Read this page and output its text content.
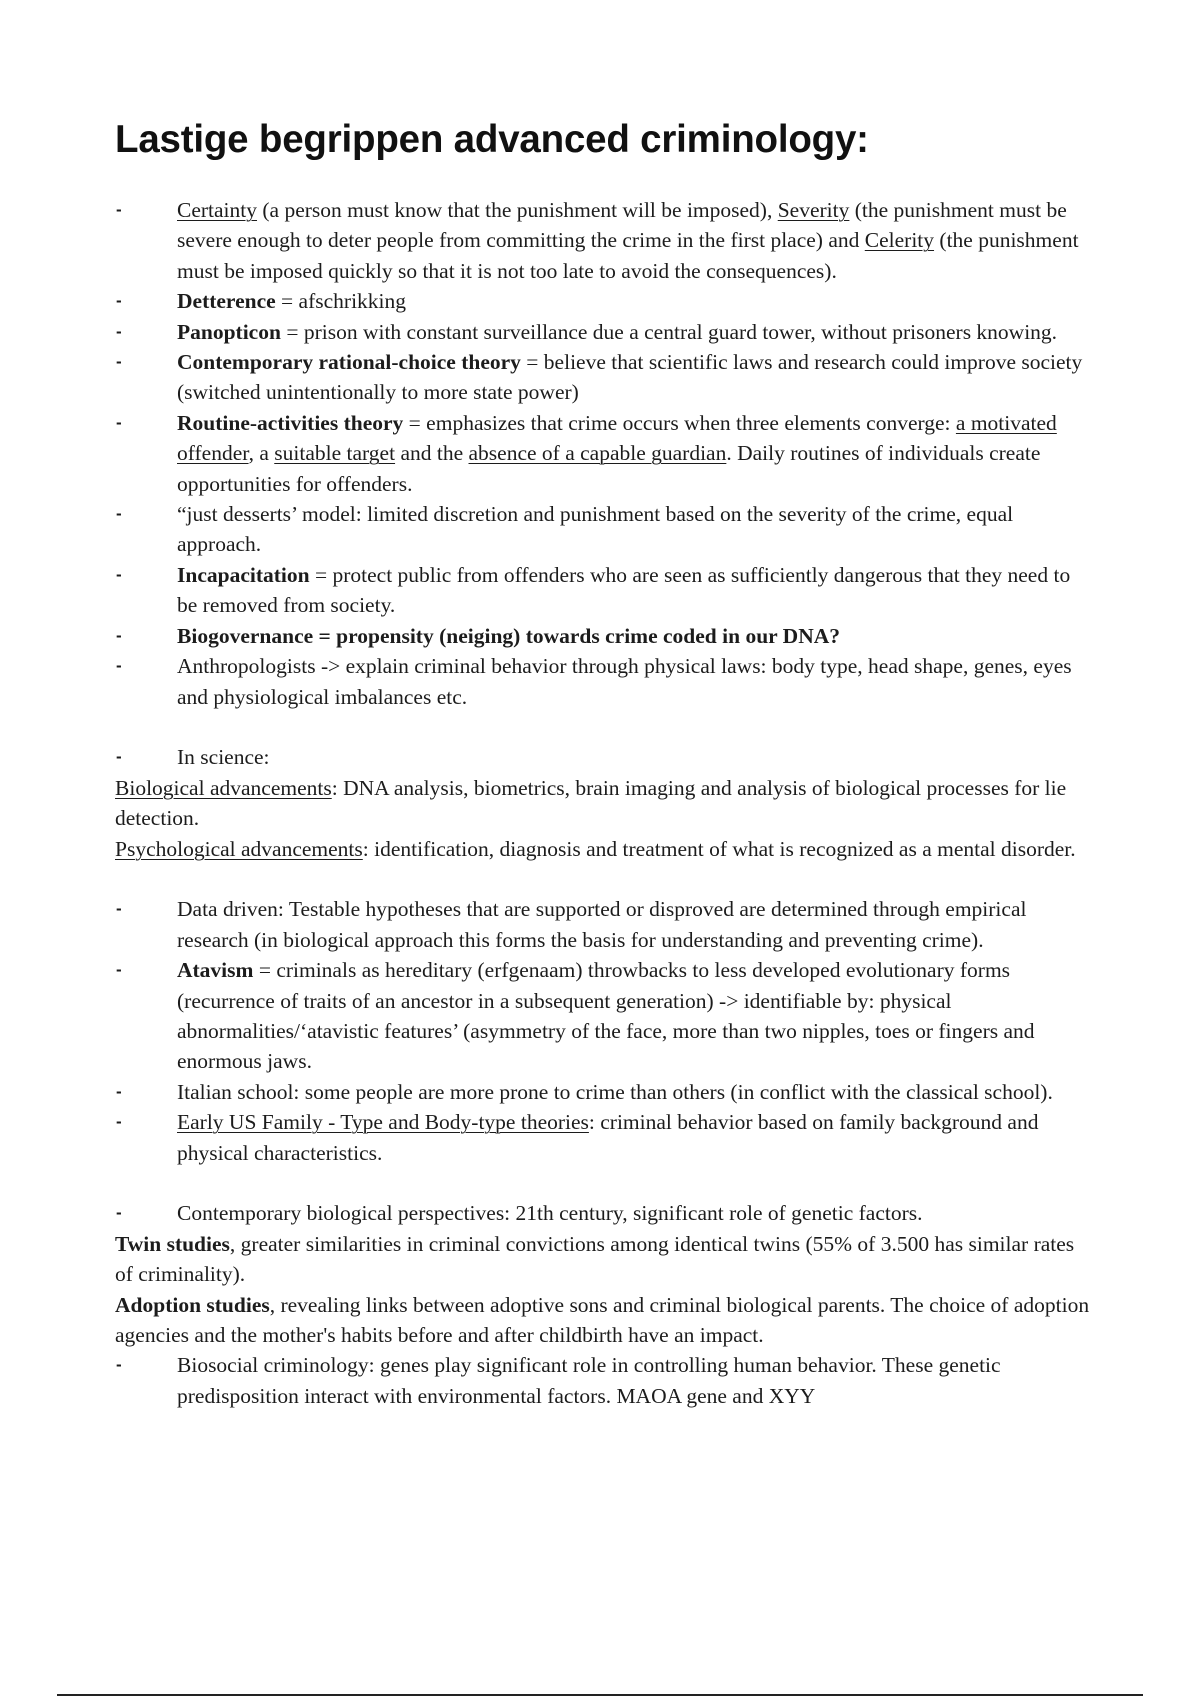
Lastige begrippen advanced criminology:
-	Certainty (a person must know that the punishment will be imposed), Severity (the punishment must be severe enough to deter people from committing the crime in the first place) and Celerity (the punishment must be imposed quickly so that it is not too late to avoid the consequences).
-	Detterence = afschrikking
-	Panopticon = prison with constant surveillance due a central guard tower, without prisoners knowing.
-	Contemporary rational-choice theory = believe that scientific laws and research could improve society (switched unintentionally to more state power)
-	Routine-activities theory = emphasizes that crime occurs when three elements converge: a motivated offender, a suitable target and the absence of a capable guardian. Daily routines of individuals create opportunities for offenders.
-	“just desserts’ model: limited discretion and punishment based on the severity of the crime, equal approach.
-	Incapacitation = protect public from offenders who are seen as sufficiently dangerous that they need to be removed from society.
-	Biogovernance = propensity (neiging) towards crime coded in our DNA?
-	Anthropologists -> explain criminal behavior through physical laws: body type, head shape, genes, eyes and physiological imbalances etc.
-	In science:
Biological advancements: DNA analysis, biometrics, brain imaging and analysis of biological processes for lie detection.
Psychological advancements: identification, diagnosis and treatment of what is recognized as a mental disorder.
-	Data driven: Testable hypotheses that are supported or disproved are determined through empirical research (in biological approach this forms the basis for understanding and preventing crime).
-	Atavism = criminals as hereditary (erfgenaam) throwbacks to less developed evolutionary forms (recurrence of traits of an ancestor in a subsequent generation) -> identifiable by: physical abnormalities/‘atavistic features’ (asymmetry of the face, more than two nipples, toes or fingers and enormous jaws.
-	Italian school: some people are more prone to crime than others (in conflict with the classical school).
-	Early US Family - Type and Body-type theories: criminal behavior based on family background and physical characteristics.
-	Contemporary biological perspectives: 21th century, significant role of genetic factors.
Twin studies, greater similarities in criminal convictions among identical twins (55% of 3.500 has similar rates of criminality).
Adoption studies, revealing links between adoptive sons and criminal biological parents. The choice of adoption agencies and the mother's habits before and after childbirth have an impact.
-	Biosocial criminology: genes play significant role in controlling human behavior. These genetic predisposition interact with environmental factors. MAOA gene and XYY
